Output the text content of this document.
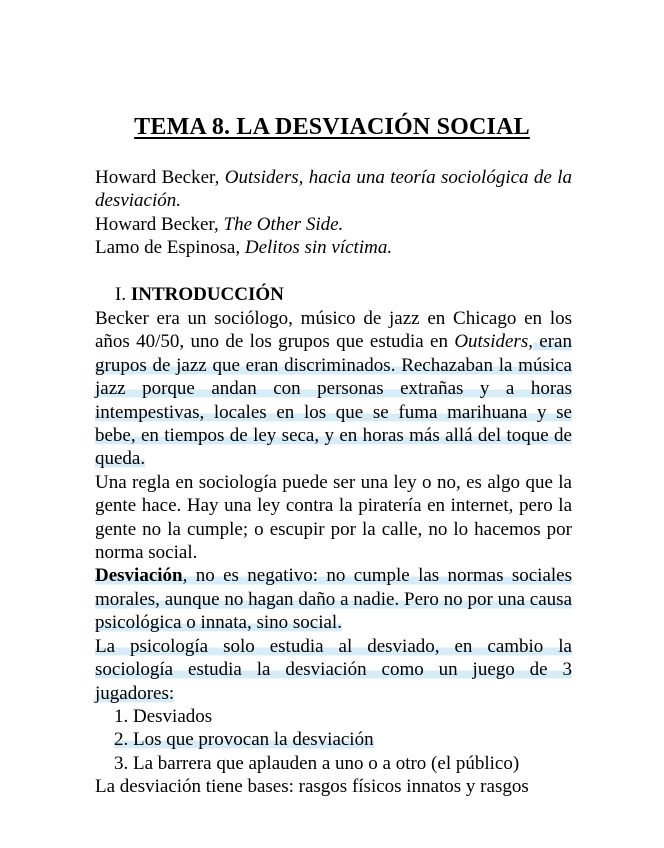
TEMA 8. LA DESVIACIÓN SOCIAL

Howard Becker, Outsiders, hacia una teoría sociológica de la desviación.

Howard Becker, The Other Side.

Lamo de Espinosa, Delitos sin víctima.

I. INTRODUCCIÓN

Becker era un sociólogo, músico de jazz en Chicago en los años 40/50, uno de los grupos que estudia en Outsiders, eran grupos de jazz que eran discriminados. Rechazaban la música jazz porque andan con personas extrañas y a horas intempestivas, locales en los que se fuma marihuana y se bebe, en tiempos de ley seca, y en horas más allá del toque de queda.

Una regla en sociología puede ser una ley o no, es algo que la gente hace. Hay una ley contra la piratería en internet, pero la gente no la cumple; o escupir por la calle, no lo hacemos por norma social.

Desviación, no es negativo: no cumple las normas sociales morales, aunque no hagan daño a nadie. Pero no por una causa psicológica o innata, sino social.

La psicología solo estudia al desviado, en cambio la sociología estudia la desviación como un juego de 3 jugadores:

1. Desviados
2. Los que provocan la desviación
3. La barrera que aplauden a uno o a otro (el público)

La desviación tiene bases: rasgos físicos innatos y rasgos
